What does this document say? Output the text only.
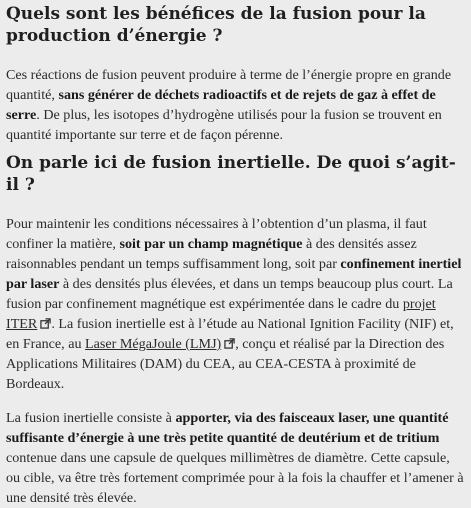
Quels sont les bénéfices de la fusion pour la production d’énergie ?

Ces réactions de fusion peuvent produire à terme de l’énergie propre en grande quantité, sans générer de déchets radioactifs et de rejets de gaz à effet de serre. De plus, les isotopes d’hydrogène utilisés pour la fusion se trouvent en quantité importante sur terre et de façon pérenne.

On parle ici de fusion inertielle. De quoi s’agit-il ?

Pour maintenir les conditions nécessaires à l’obtention d’un plasma, il faut confiner la matière, soit par un champ magnétique à des densités assez raisonnables pendant un temps suffisamment long, soit par confinement inertiel par laser à des densités plus élevées, et dans un temps beaucoup plus court. La fusion par confinement magnétique est expérimentée dans le cadre du projet ITER . La fusion inertielle est à l’étude au National Ignition Facility (NIF) et, en France, au Laser MégaJoule (LMJ) , conçu et réalisé par la Direction des Applications Militaires (DAM) du CEA, au CEA-CESTA à proximité de Bordeaux.

La fusion inertielle consiste à apporter, via des faisceaux laser, une quantité suffisante d’énergie à une très petite quantité de deutérium et de tritium contenue dans une capsule de quelques millimètres de diamètre. Cette capsule, ou cible, va être très fortement comprimée pour à la fois la chauffer et l’amener à une densité très élevée.
